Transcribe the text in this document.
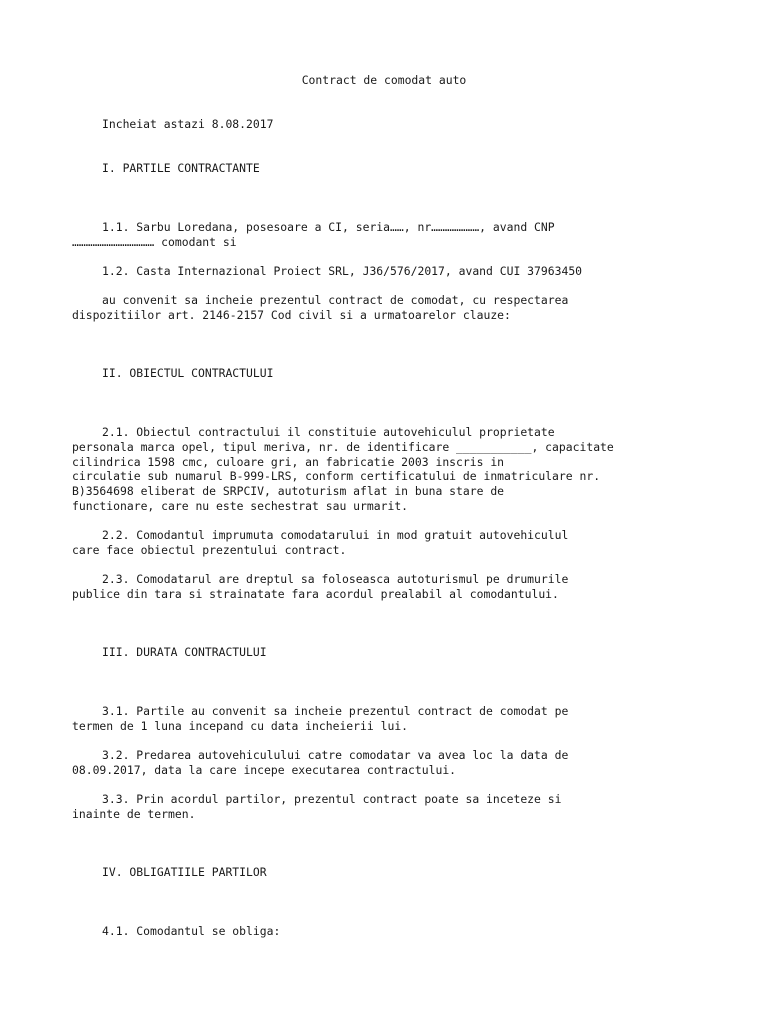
Contract de comodat auto
Incheiat astazi 8.08.2017
I. PARTILE CONTRACTANTE
1.1. Sarbu Loredana, posesoare a CI, seria……, nr…………………, avand CNP
……………………………… comodant si
1.2. Casta Internazional Proiect SRL, J36/576/2017, avand CUI 37963450
au convenit sa incheie prezentul contract de comodat, cu respectarea
dispozitiilor art. 2146-2157 Cod civil si a urmatoarelor clauze:
II. OBIECTUL CONTRACTULUI
2.1. Obiectul contractului il constituie autovehiculul proprietate
personala marca opel, tipul meriva, nr. de identificare ___________, capacitate
cilindrica 1598 cmc, culoare gri, an fabricatie 2003 inscris in
circulatie sub numarul B-999-LRS, conform certificatului de inmatriculare nr.
B)3564698 eliberat de SRPCIV, autoturism aflat in buna stare de
functionare, care nu este sechestrat sau urmarit.
2.2. Comodantul imprumuta comodatarului in mod gratuit autovehiculul
care face obiectul prezentului contract.
2.3. Comodatarul are dreptul sa foloseasca autoturismul pe drumurile
publice din tara si strainatate fara acordul prealabil al comodantului.
III. DURATA CONTRACTULUI
3.1. Partile au convenit sa incheie prezentul contract de comodat pe
termen de 1 luna incepand cu data incheierii lui.
3.2. Predarea autovehiculului catre comodatar va avea loc la data de
08.09.2017, data la care incepe executarea contractului.
3.3. Prin acordul partilor, prezentul contract poate sa inceteze si
inainte de termen.
IV. OBLIGATIILE PARTILOR
4.1. Comodantul se obliga:
